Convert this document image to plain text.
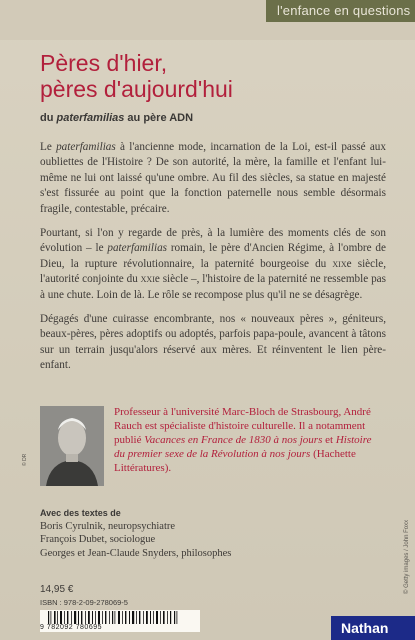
l'enfance en questions
Pères d'hier,
pères d'aujourd'hui
du paterfamilias au père ADN

Le paterfamilias à l'ancienne mode, incarnation de la Loi, est-il passé aux oubliettes de l'Histoire ? De son autorité, la mère, la famille et l'enfant lui-même ne lui ont laissé qu'une ombre. Au fil des siècles, sa statue en majesté s'est fissurée au point que la fonction paternelle nous semble désormais fragile, contestable, précaire.

Pourtant, si l'on y regarde de près, à la lumière des moments clés de son évolution – le paterfamilias romain, le père d'Ancien Régime, à l'ombre de Dieu, la rupture révolutionnaire, la paternité bourgeoise du xixe siècle, l'autorité conjointe du xxie siècle –, l'histoire de la paternité ne ressemble pas à une chute. Loin de là. Le rôle se recompose plus qu'il ne se désagrège.

Dégagés d'une cuirasse encombrante, nos « nouveaux pères », géniteurs, beaux-pères, pères adoptifs ou adoptés, parfois papa-poule, avancent à tâtons sur un terrain jusqu'alors réservé aux mères. Et réinventent le lien père-enfant.

© DR
Professeur à l'université Marc-Bloch de Strasbourg, André Rauch est spécialiste d'histoire culturelle. Il a notamment publié Vacances en France de 1830 à nos jours et Histoire du premier sexe de la Révolution à nos jours (Hachette Littératures).
Avec des textes de
Boris Cyrulnik, neuropsychiatre
François Dubet, sociologue
Georges et Jean-Claude Snyders, philosophes
14,95 €
ISBN : 978-2-09-278069-5
9 782092 780695	Nathan
© Getty images / John Foxx
